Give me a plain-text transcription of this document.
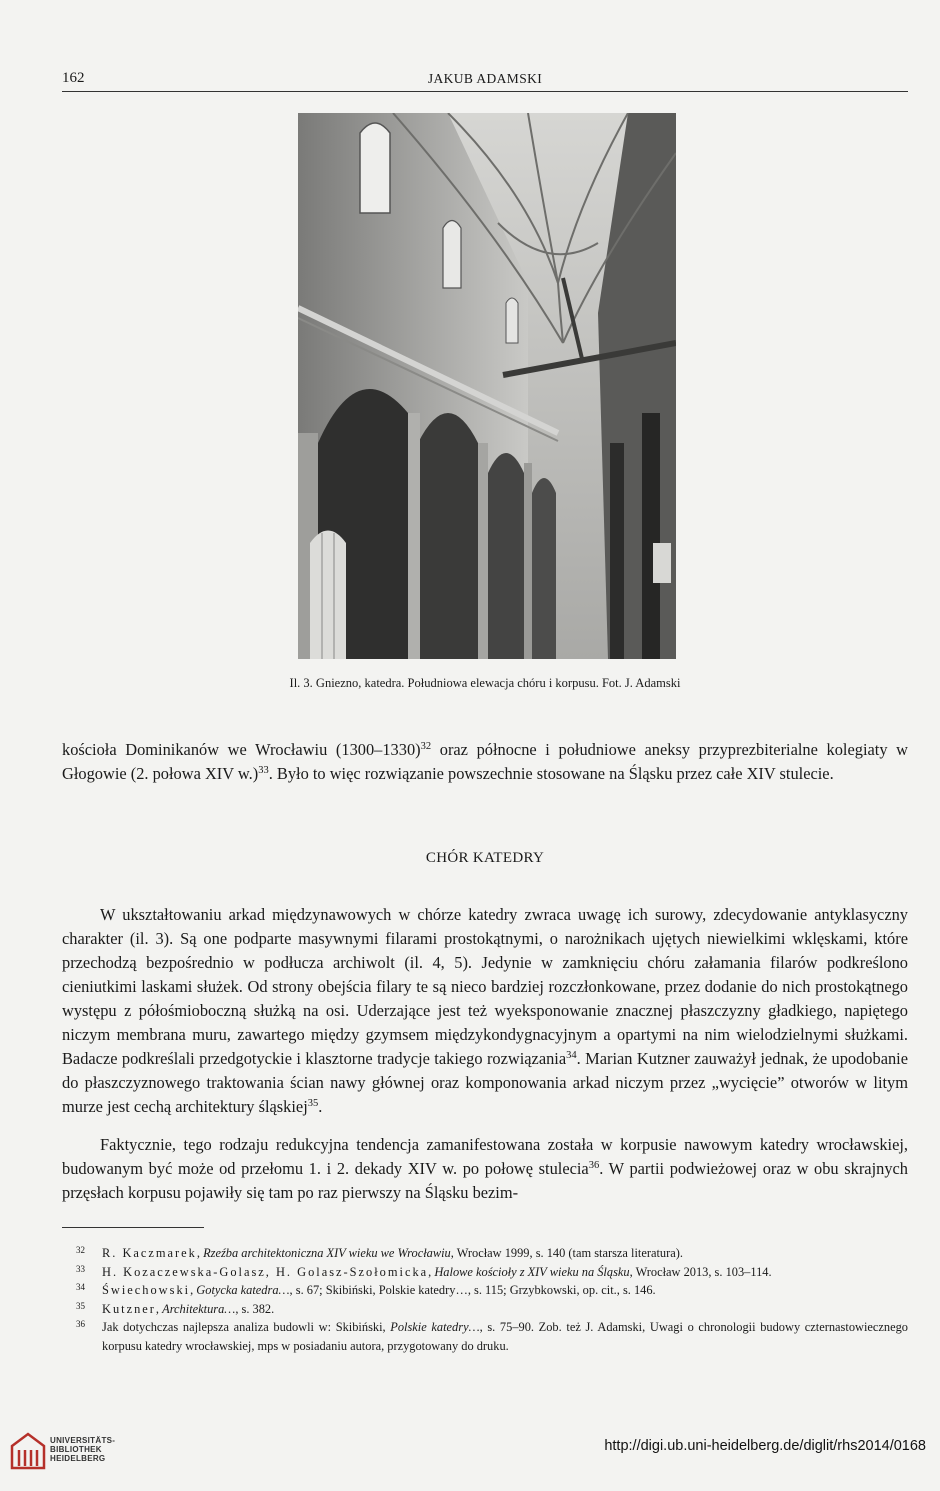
162	JAKUB ADAMSKI
Il. 3. Gniezno, katedra. Południowa elewacja chóru i korpusu. Fot. J. Adamski

kościoła Dominikanów we Wrocławiu (1300–1330)$^{32}$ oraz północne i południowe aneksy przyprezbiterialne kolegiaty w Głogowie (2. połowa XIV w.)$^{33}$. Było to więc rozwiązanie powszechnie stosowane na Śląsku przez całe XIV stulecie.

CHÓR KATEDRY

W ukształtowaniu arkad międzynawowych w chórze katedry zwraca uwagę ich surowy, zdecydowanie antyklasyczny charakter (il. 3). Są one podparte masywnymi filarami prostokątnymi, o narożnikach ujętych niewielkimi wklęskami, które przechodzą bezpośrednio w podłucza archiwolt (il. 4, 5). Jedynie w zamknięciu chóru załamania filarów podkreślono cieniutkimi laskami służek. Od strony obejścia filary te są nieco bardziej rozczłonkowane, przez dodanie do nich prostokątnego występu z półośmioboczną służką na osi. Uderzające jest też wyeksponowanie znacznej płaszczyzny gładkiego, napiętego niczym membrana muru, zawartego między gzymsem międzykondygnacyjnym a opartymi na nim wielodzielnymi służkami. Badacze podkreślali przedgotyckie i klasztorne tradycje takiego rozwiązania$^{34}$. Marian Kutzner zauważył jednak, że upodobanie do płaszczyznowego traktowania ścian nawy głównej oraz komponowania arkad niczym przez „wycięcie” otworów w litym murze jest cechą architektury śląskiej$^{35}$.

Faktycznie, tego rodzaju redukcyjna tendencja zamanifestowana została w korpusie nawowym katedry wrocławskiej, budowanym być może od przełomu 1. i 2. dekady XIV w. po połowę stulecia$^{36}$. W partii podwieżowej oraz w obu skrajnych przęsłach korpusu pojawiły się tam po raz pierwszy na Śląsku bezim-

32 R. Kaczmarek, Rzeźba architektoniczna XIV wieku we Wrocławiu, Wrocław 1999, s. 140 (tam starsza literatura).
33 H. Kozaczewska-Golasz, H. Golasz-Szołomicka, Halowe kościoły z XIV wieku na Śląsku, Wrocław 2013, s. 103–114.
34 Świechowski, Gotycka katedra…, s. 67; Skibiński, Polskie katedry…, s. 115; Grzybkowski, op. cit., s. 146.
35 Kutzner, Architektura…, s. 382.
36 Jak dotychczas najlepsza analiza budowli w: Skibiński, Polskie katedry…, s. 75–90. Zob. też J. Adamski, Uwagi o chronologii budowy czternastowiecznego korpusu katedry wrocławskiej, mps w posiadaniu autora, przygotowany do druku.
UNIVERSITÄTS-
BIBLIOTHEK
HEIDELBERG
http://digi.ub.uni-heidelberg.de/diglit/rhs2014/0168
